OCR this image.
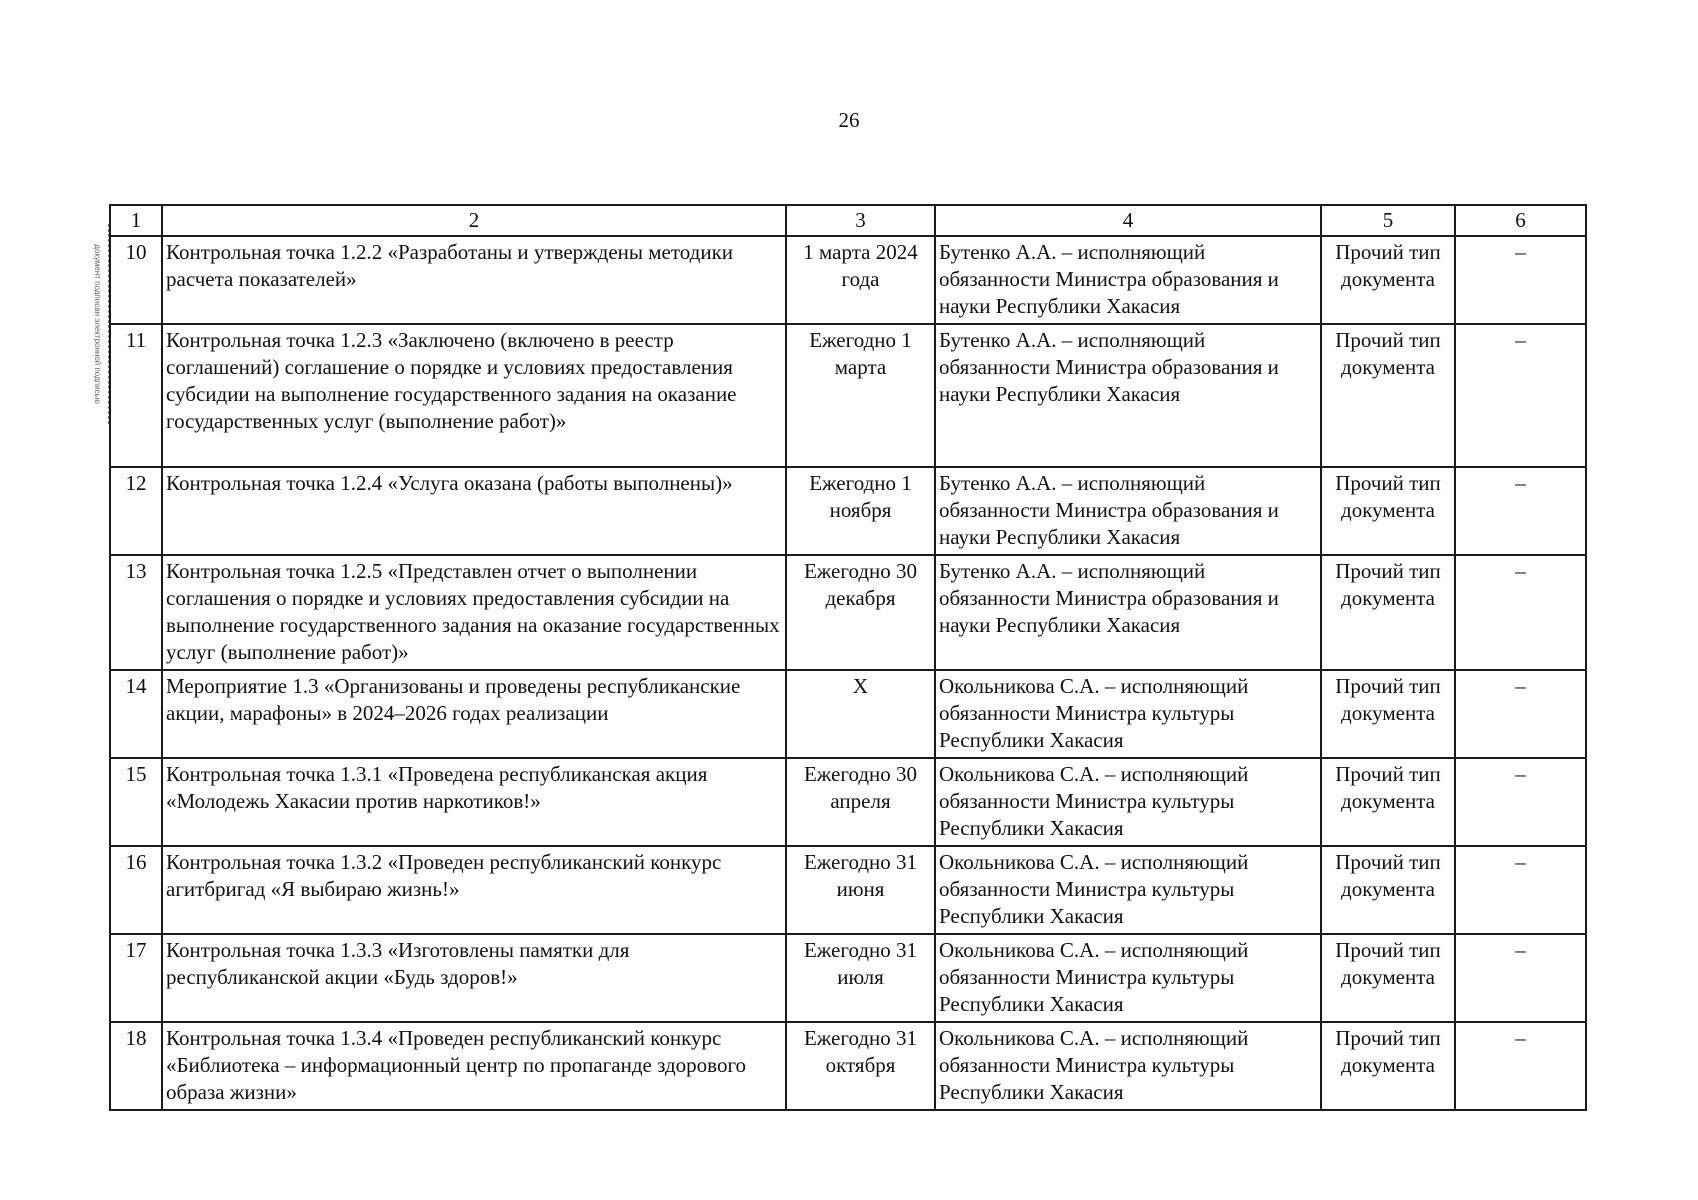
26
документ подписан электронной подписью
1	2	3	4	5	6
10	Контрольная точка 1.2.2 «Разработаны и утверждены методики расчета показателей»	1 марта 2024 года	Бутенко А.А. – исполняющий обязанности Министра образования и науки Республики Хакасия	Прочий тип документа	–
11	Контрольная точка 1.2.3 «Заключено (включено в реестр соглашений) соглашение о порядке и условиях предоставления субсидии на выполнение государственного задания на оказание государственных услуг (выполнение работ)»	Ежегодно 1 марта	Бутенко А.А. – исполняющий обязанности Министра образования и науки Республики Хакасия	Прочий тип документа	–
12	Контрольная точка 1.2.4 «Услуга оказана (работы выполнены)»	Ежегодно 1 ноября	Бутенко А.А. – исполняющий обязанности Министра образования и науки Республики Хакасия	Прочий тип документа	–
13	Контрольная точка 1.2.5 «Представлен отчет о выполнении соглашения о порядке и условиях предоставления субсидии на выполнение государственного задания на оказание государственных услуг (выполнение работ)»	Ежегодно 30 декабря	Бутенко А.А. – исполняющий обязанности Министра образования и науки Республики Хакасия	Прочий тип документа	–
14	Мероприятие 1.3 «Организованы и проведены республиканские акции, марафоны» в 2024–2026 годах реализации	Х	Окольникова С.А. – исполняющий обязанности Министра культуры Республики Хакасия	Прочий тип документа	–
15	Контрольная точка 1.3.1 «Проведена республиканская акция «Молодежь Хакасии против наркотиков!»	Ежегодно 30 апреля	Окольникова С.А. – исполняющий обязанности Министра культуры Республики Хакасия	Прочий тип документа	–
16	Контрольная точка 1.3.2 «Проведен республиканский конкурс агитбригад «Я выбираю жизнь!»	Ежегодно 31 июня	Окольникова С.А. – исполняющий обязанности Министра культуры Республики Хакасия	Прочий тип документа	–
17	Контрольная точка 1.3.3 «Изготовлены памятки для республиканской акции «Будь здоров!»	Ежегодно 31 июля	Окольникова С.А. – исполняющий обязанности Министра культуры Республики Хакасия	Прочий тип документа	–
18	Контрольная точка 1.3.4 «Проведен республиканский конкурс «Библиотека – информационный центр по пропаганде здорового образа жизни»	Ежегодно 31 октября	Окольникова С.А. – исполняющий обязанности Министра культуры Республики Хакасия	Прочий тип документа	–
